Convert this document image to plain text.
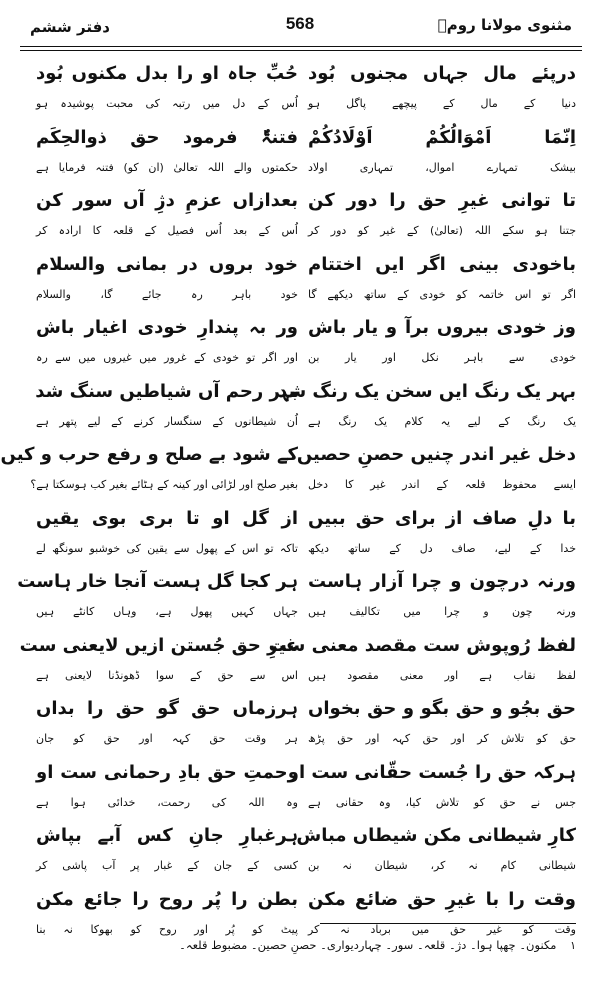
مثنوی مولانا رومؒ
568
دفتر ششم
درپئے مال جہاں مجنوں بُود
دنیا کے مال کے پیچھے پاگل ہو
اِنّمَا اَمْوَالُکُمْ اَوْلَادُکُمْ
بیشک تمہارے اموال، تمہاری اولاد
تا توانی غیرِ حق را دور کن
جتنا ہو سکے اللہ (تعالیٰ) کے غیر کو دور کر
باخودی بینی اگر ایں اختتام
اگر تو اس خاتمہ کو خودی کے ساتھ دیکھے گا
وز خودی بیروں برآ و یار باش
خودی سے باہر نکل اور یار بن
بہر یک رنگ ایں سخن یک رنگ شد
یک رنگ کے لیے یہ کلام یک رنگ ہے
دخل غیر اندر چنیں حصنِ حصیں
ایسے محفوظ قلعہ کے اندر غیر کا دخل
با دلِ صاف از برای حق ببیں
خدا کے لیے، صاف دل کے ساتھ دیکھ
ورنہ درچون و چرا آزار ہاست
ورنہ چون و چرا میں تکالیف ہیں
لفظ رُوپوش ست مقصد معنی ست
لفظ نقاب ہے اور معنی مقصود ہیں
حق بجُو و حق بگو و حق بخواں
حق کو تلاش کر اور حق کہہ اور حق پڑھ
ہرکہ حق را جُست حقّانی ست او
جس نے حق کو تلاش کیا، وہ حقانی ہے
کارِ شیطانی مکن شیطاں مباش
شیطانی کام نہ کر، شیطان نہ بن
وقت را با غیرِ حق ضائع مکن
وقت کو غیر حق میں برباد نہ کر
حُبِّ جاہ او را بدل مکنوں بُود
اُس کے دل میں رتبہ کی محبت پوشیدہ ہو
فتنۃٌ فرمود حق ذوالحِکَم
حکمتوں والے اللہ تعالیٰ (ان کو) فتنہ فرمایا ہے
بعدازاں عزمِ دژِ آں سور کن
اُس کے بعد اُس فصیل کے قلعہ کا ارادہ کر
خود بروں در بمانی والسلام
خود باہر رہ جائے گا، والسلام
ور بہ پندارِ خودی اغیار باش
اور اگر تو خودی کے غرور میں غیروں میں سے رہ
بہر رحم آں شیاطیں سنگ شد
اُن شیطانوں کے سنگسار کرنے کے لیے پتھر ہے
کے شود بے صلح و رفع حرب و کیں
بغیر صلح اور لڑائی اور کینہ کے ہٹائے بغیر کب ہوسکتا ہے؟
از گل او تا بری بوی یقیں
تاکہ تو اس کے پھول سے یقین کی خوشبو سونگھ لے
ہر کجا گل ہست آنجا خار ہاست
جہاں کہیں پھول ہے، وہاں کانٹے ہیں
غیرِ حق جُستن ازیں لایعنی ست
اس سے حق کے سوا ڈھونڈنا لایعنی ہے
ہرزماں حق گو حق را بداں
ہر وقت حق کہہ اور حق کو جان
رحمتِ حق بادِ رحمانی ست او
وہ اللہ کی رحمت، خدائی ہوا ہے
ہرغبارِ جانِ کس آبے بپاش
کسی کے جان کے غبار پر آب پاشی کر
بطن را پُر روح را جائع مکن
پیٹ کو پُر اور روح کو بھوکا نہ بنا
۱ مکنون۔ چھپا ہوا۔ دژ۔ قلعہ۔ سور۔ چہاردیواری۔ حصنِ حصین۔ مضبوط قلعہ۔
